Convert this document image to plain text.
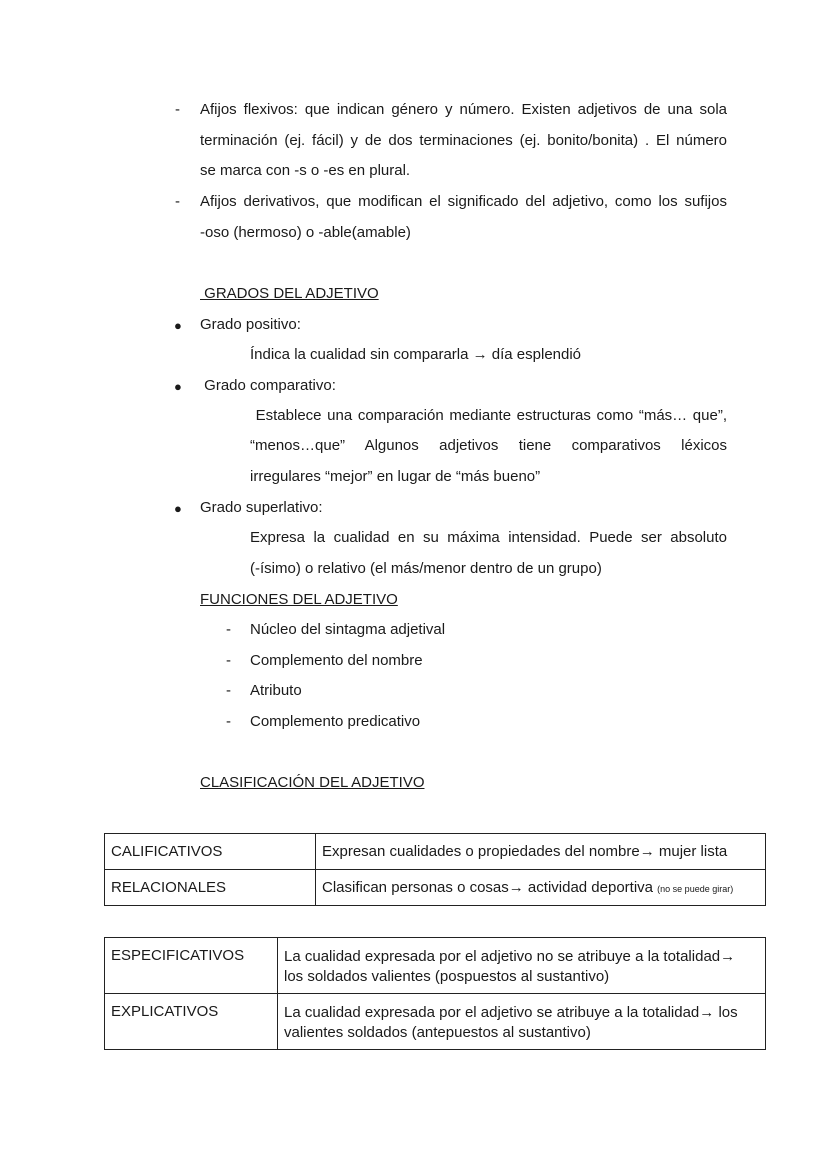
-	Afijos flexivos: que indican género y número. Existen adjetivos de una sola
terminación (ej. fácil) y de dos terminaciones (ej. bonito/bonita) . El número
se marca con -s o -es en plural.
-	Afijos derivativos, que modifican el significado del adjetivo, como los sufijos
-oso (hermoso) o -able(amable)
GRADOS DEL ADJETIVO
● Grado positivo:
Índica la cualidad sin compararla → día esplendió
● Grado comparativo:
Establece una comparación mediante estructuras como “más… que”,
“menos…que” Algunos adjetivos tiene comparativos léxicos
irregulares “mejor” en lugar de “más bueno”
● Grado superlativo:
Expresa la cualidad en su máxima intensidad. Puede ser absoluto
(-ísimo) o relativo (el más/menor dentro de un grupo)
FUNCIONES DEL ADJETIVO
-	Núcleo del sintagma adjetival
-	Complemento del nombre
-	Atributo
-	Complemento predicativo
CLASIFICACIÓN DEL ADJETIVO
CALIFICATIVOS	Expresan cualidades o propiedades del nombre→ mujer lista
RELACIONALES	Clasifican personas o cosas→ actividad deportiva (no se puede girar)
ESPECIFICATIVOS	La cualidad expresada por el adjetivo no se atribuye a la totalidad→
los soldados valientes (pospuestos al sustantivo)

EXPLICATIVOS	La cualidad expresada por el adjetivo se atribuye a la totalidad→ los
valientes soldados (antepuestos al sustantivo)
